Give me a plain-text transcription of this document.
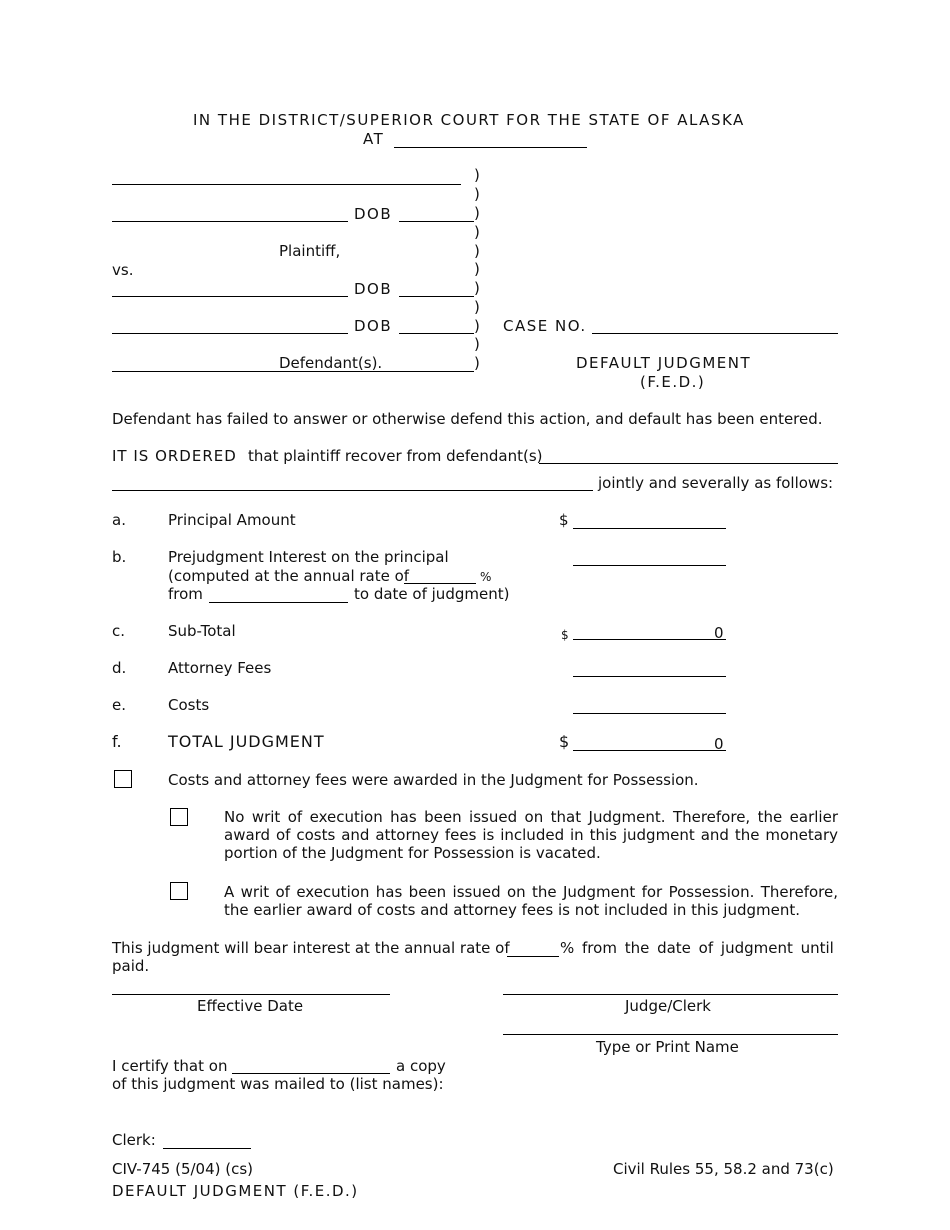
IN THE DISTRICT/SUPERIOR COURT FOR THE STATE OF ALASKA
AT
)
)
)
)
)
)
)
)
)
)
)
DOB
Plaintiff,
vs.
DOB
DOB
Defendant(s).
CASE NO.
DEFAULT JUDGMENT
(F.E.D.)
Defendant has failed to answer or otherwise defend this action, and default has been entered.
IT IS ORDERED that plaintiff recover from defendant(s)
jointly and severally as follows:
a.	Principal Amount	$
b.	Prejudgment Interest on the principal
(computed at the annual rate of	%
from	to date of judgment)
c.	Sub-Total	$	0
d.	Attorney Fees
e.	Costs
f.	TOTAL JUDGMENT	$	0
Costs and attorney fees were awarded in the Judgment for Possession.
No writ of execution has been issued on that Judgment. Therefore, the earlier award of costs and attorney fees is included in this judgment and the monetary portion of the Judgment for Possession is vacated.
A writ of execution has been issued on the Judgment for Possession. Therefore, the earlier award of costs and attorney fees is not included in this judgment.
This judgment will bear interest at the annual rate of	% from the date of judgment until
paid.
Effective Date	Judge/Clerk
Type or Print Name
I certify that on	a copy
of this judgment was mailed to (list names):
Clerk:
CIV-745 (5/04) (cs)
DEFAULT JUDGMENT (F.E.D.)
Civil Rules 55, 58.2 and 73(c)
